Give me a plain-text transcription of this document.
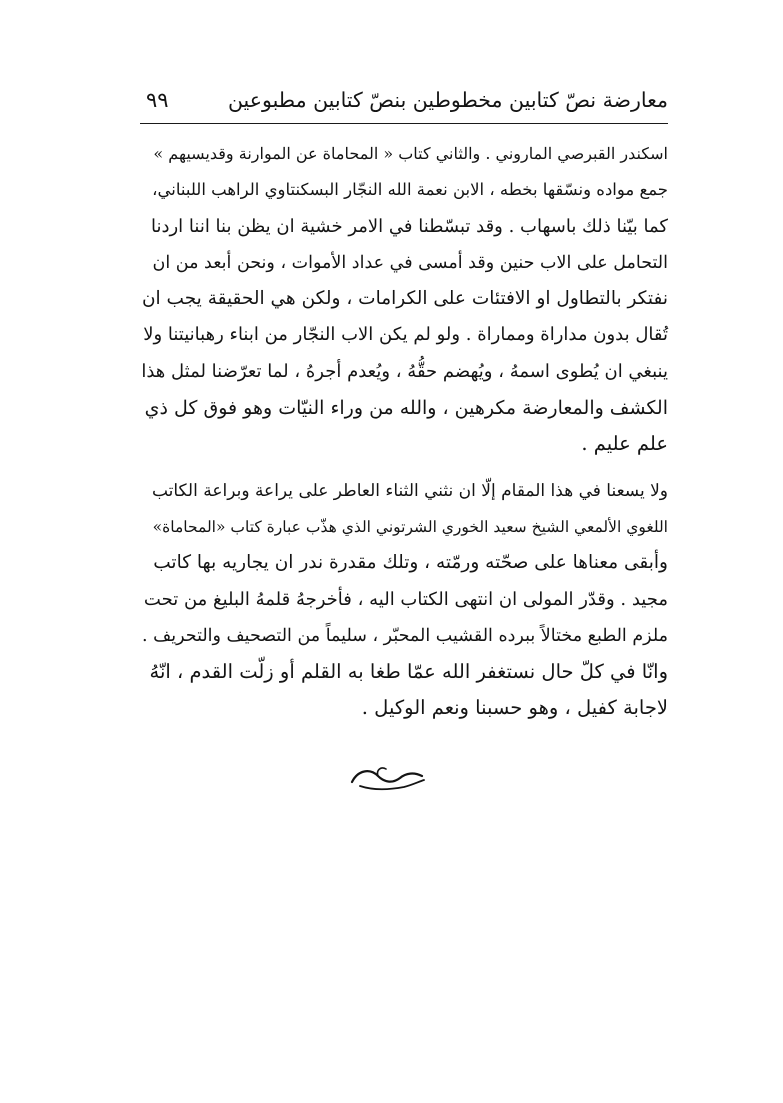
معارضة نصّ كتابين مخطوطين بنصّ كتابين مطبوعين
٩٩
اسكندر القبرصي الماروني . والثاني كتاب « المحاماة عن الموارنة وقديسيهم »
جمع مواده ونسّقها بخطه ، الابن نعمة الله النجّار البسكنتاوي الراهب اللبناني،
كما بيّنا ذلك باسهاب . وقد تبسّطنا في الامر خشية ان يظن بنا اننا اردنا
التحامل على الاب حنين وقد أمسى في عداد الأموات ، ونحن أبعد من ان
نفتكر بالتطاول او الافتئات على الكرامات ، ولكن هي الحقيقة يجب ان
تُقال بدون مداراة ومماراة . ولو لم يكن الاب النجّار من ابناء رهبانيتنا ولا
ينبغي ان يُطوى اسمهُ ، ويُهضم حقُّهُ ، ويُعدم أجرهُ ، لما تعرّضنا لمثل هذا
الكشف والمعارضة مكرهين ، والله من وراء النيّات وهو فوق كل ذي
علم عليم .
ولا يسعنا في هذا المقام إلّا ان نثني الثناء العاطر على يراعة وبراعة الكاتب
اللغوي الألمعي الشيخ سعيد الخوري الشرتوني الذي هذّب عبارة كتاب «المحاماة»
وأبقى معناها على صحّته ورمّته ، وتلك مقدرة ندر ان يجاريه بها كاتب
مجيد . وقدّر المولى ان انتهى الكتاب اليه ، فأخرجهُ قلمهُ البليغ من تحت
ملزم الطبع مختالاً ببرده القشيب المحبّر ، سليماً من التصحيف والتحريف .
وانّا في كلّ حال نستغفر الله عمّا طغا به القلم أو زلّت القدم ، انّهُ
لاجابة كفيل ، وهو حسبنا ونعم الوكيل .
